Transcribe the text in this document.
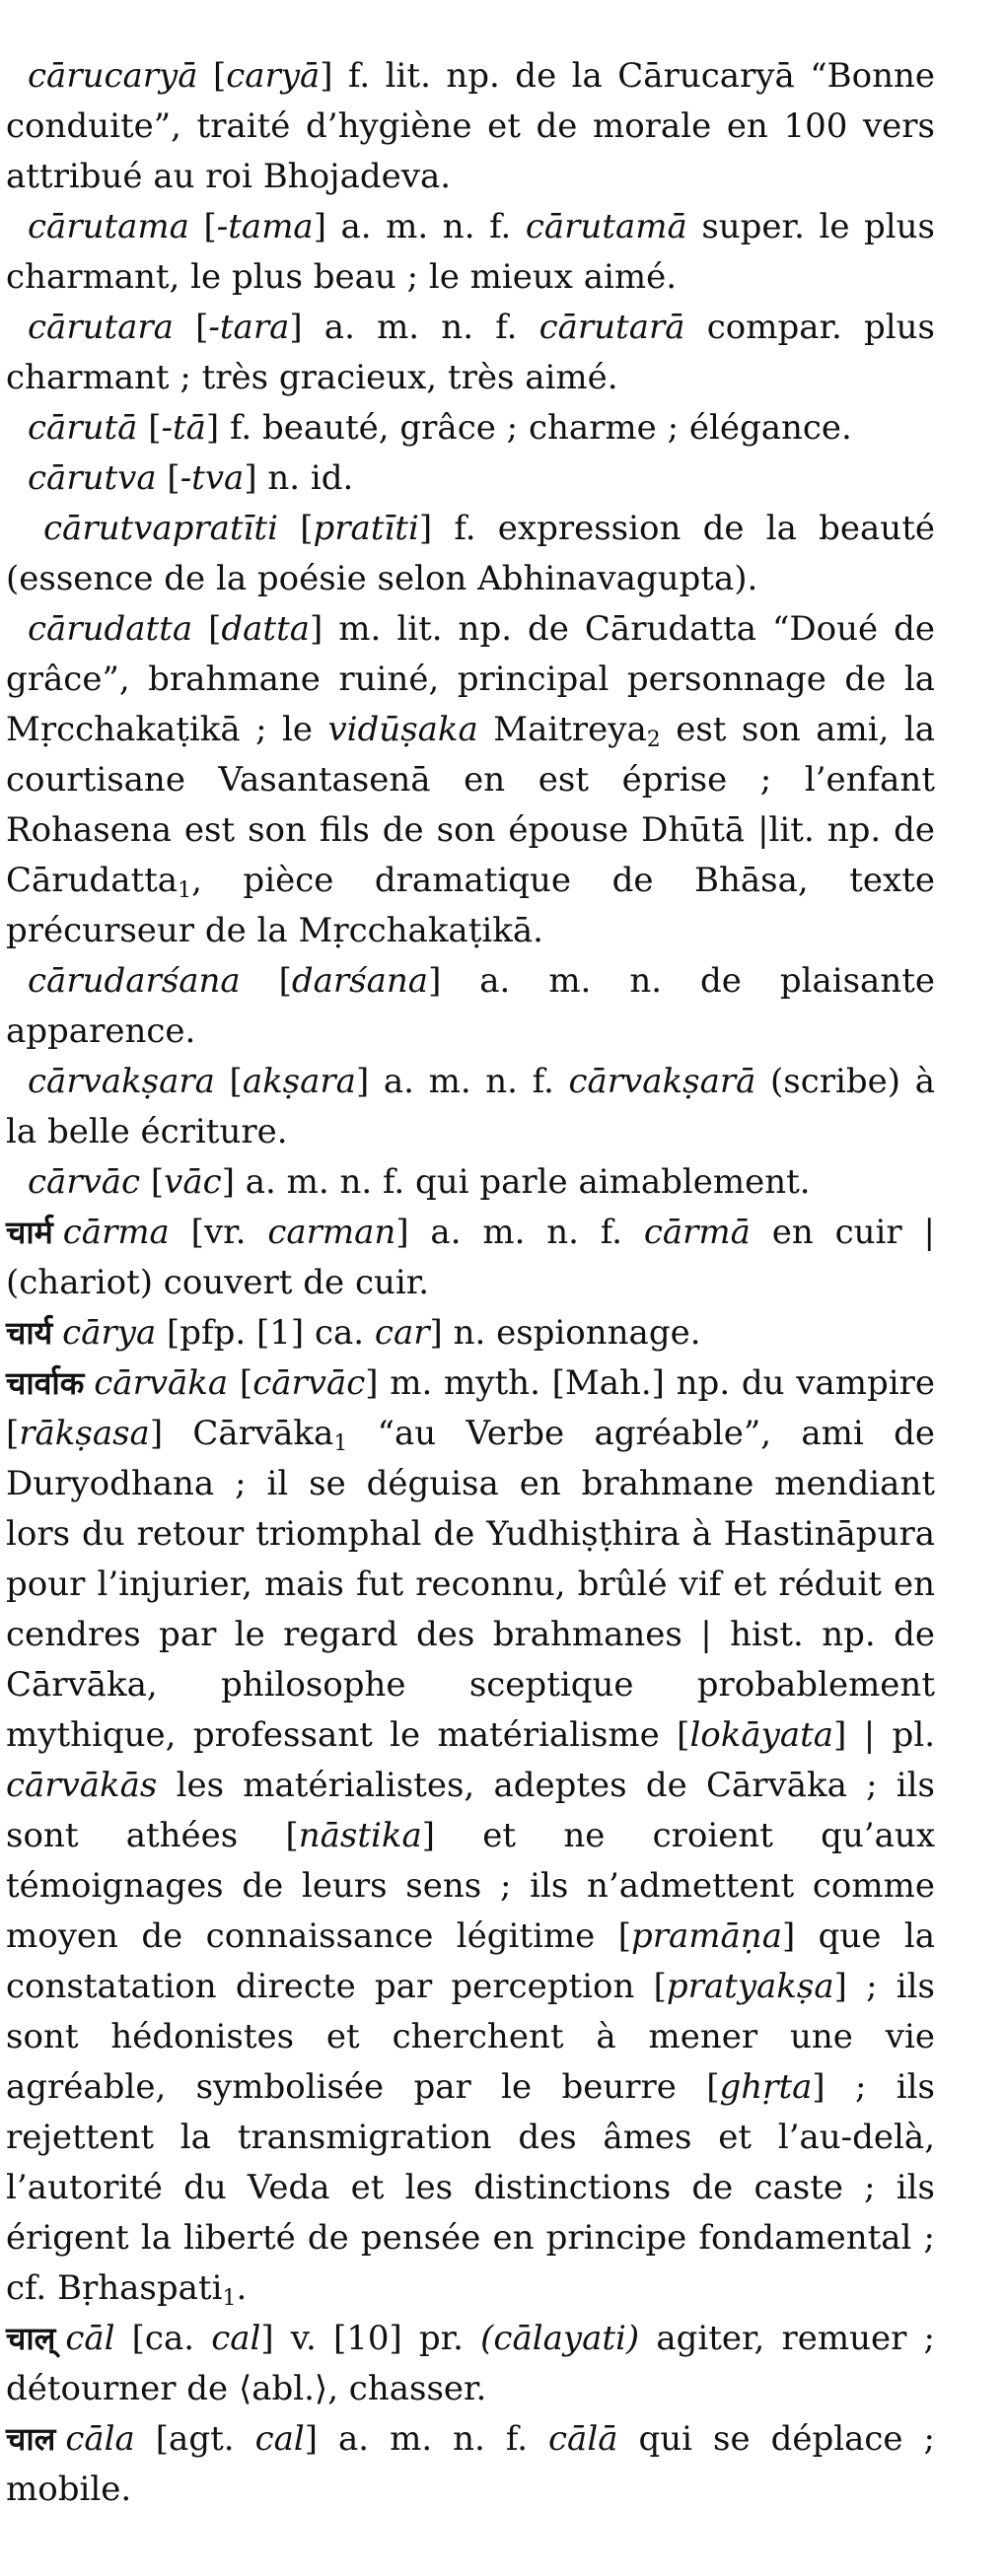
cārucaryā [caryā] f. lit. np. de la Cārucaryā “Bonne conduite”, traité d’hygiène et de morale en 100 vers attribué au roi Bhojadeva.

cārutama [-tama] a. m. n. f. cārutamā super. le plus charmant, le plus beau ; le mieux aimé.

cārutara [-tara] a. m. n. f. cārutarā compar. plus charmant ; très gracieux, très aimé.

cārutā [-tā] f. beauté, grâce ; charme ; élégance.

cārutva [-tva] n. id.

cārutvapratīti [pratīti] f. expression de la beauté (essence de la poésie selon Abhinavagupta).

cārudatta [datta] m. lit. np. de Cārudatta “Doué de grâce”, brahmane ruiné, principal personnage de la Mṛcchakaṭikā ; le vidūṣaka Maitreya$_2$ est son ami, la courtisane Vasantasenā en est éprise ; l’enfant Rohasena est son fils de son épouse Dhūtā |lit. np. de Cārudatta$_1$, pièce dramatique de Bhāsa, texte précurseur de la Mṛcchakaṭikā.

cārudarśana [darśana] a. m. n. de plaisante apparence.

cārvakṣara [akṣara] a. m. n. f. cārvakṣarā (scribe) à la belle écriture.

cārvāc [vāc] a. m. n. f. qui parle aimablement.

चार्म cārma [vr. carman] a. m. n. f. cārmā en cuir | (chariot) couvert de cuir.

चार्य cārya [pfp. [1] ca. car] n. espionnage.

चार्वाक cārvāka [cārvāc] m. myth. [Mah.] np. du vampire [rākṣasa] Cārvāka$_1$ “au Verbe agréable”, ami de Duryodhana ; il se déguisa en brahmane mendiant lors du retour triomphal de Yudhiṣṭhira à Hastināpura pour l’injurier, mais fut reconnu, brûlé vif et réduit en cendres par le regard des brahmanes | hist. np. de Cārvāka, philosophe sceptique probablement mythique, professant le matérialisme [lokāyata] | pl. cārvākās les matérialistes, adeptes de Cārvāka ; ils sont athées [nāstika] et ne croient qu’aux témoignages de leurs sens ; ils n’admettent comme moyen de connaissance légitime [pramāṇa] que la constatation directe par perception [pratyakṣa] ; ils sont hédonistes et cherchent à mener une vie agréable, symbolisée par le beurre [ghṛta] ; ils rejettent la transmigration des âmes et l’au-delà, l’autorité du Veda et les distinctions de caste ; ils érigent la liberté de pensée en principe fondamental ; cf. Bṛhaspati$_1$.

चाल् cāl [ca. cal] v. [10] pr. (cālayati) agiter, remuer ; détourner de ⟨abl.⟩, chasser.

चाल cāla [agt. cal] a. m. n. f. cālā qui se déplace ; mobile.
